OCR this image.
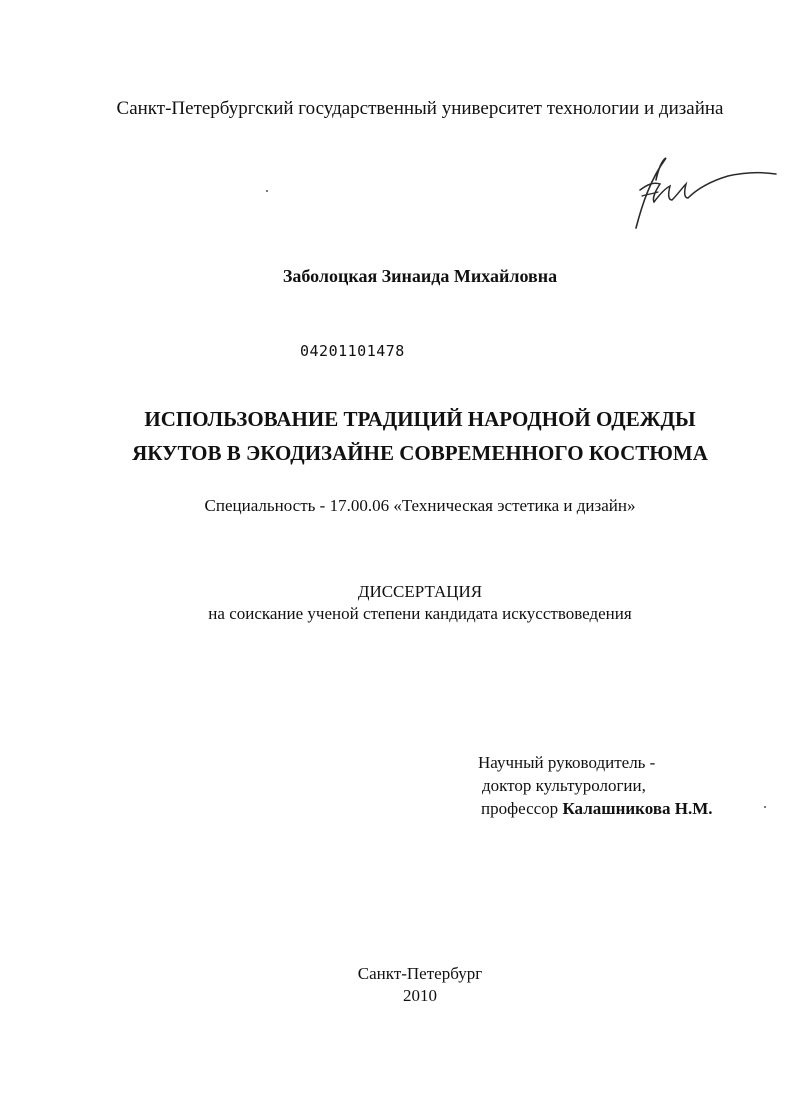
Санкт-Петербургский государственный университет технологии и дизайна
Заболоцкая Зинаида Михайловна
04201101478
ИСПОЛЬЗОВАНИЕ ТРАДИЦИЙ НАРОДНОЙ ОДЕЖДЫ
ЯКУТОВ В ЭКОДИЗАЙНЕ СОВРЕМЕННОГО КОСТЮМА
Специальность - 17.00.06 «Техническая эстетика и дизайн»
ДИССЕРТАЦИЯ
на соискание ученой степени кандидата искусствоведения
Научный руководитель -
доктор культурологии,
профессор Калашникова Н.М.
Санкт-Петербург
2010
